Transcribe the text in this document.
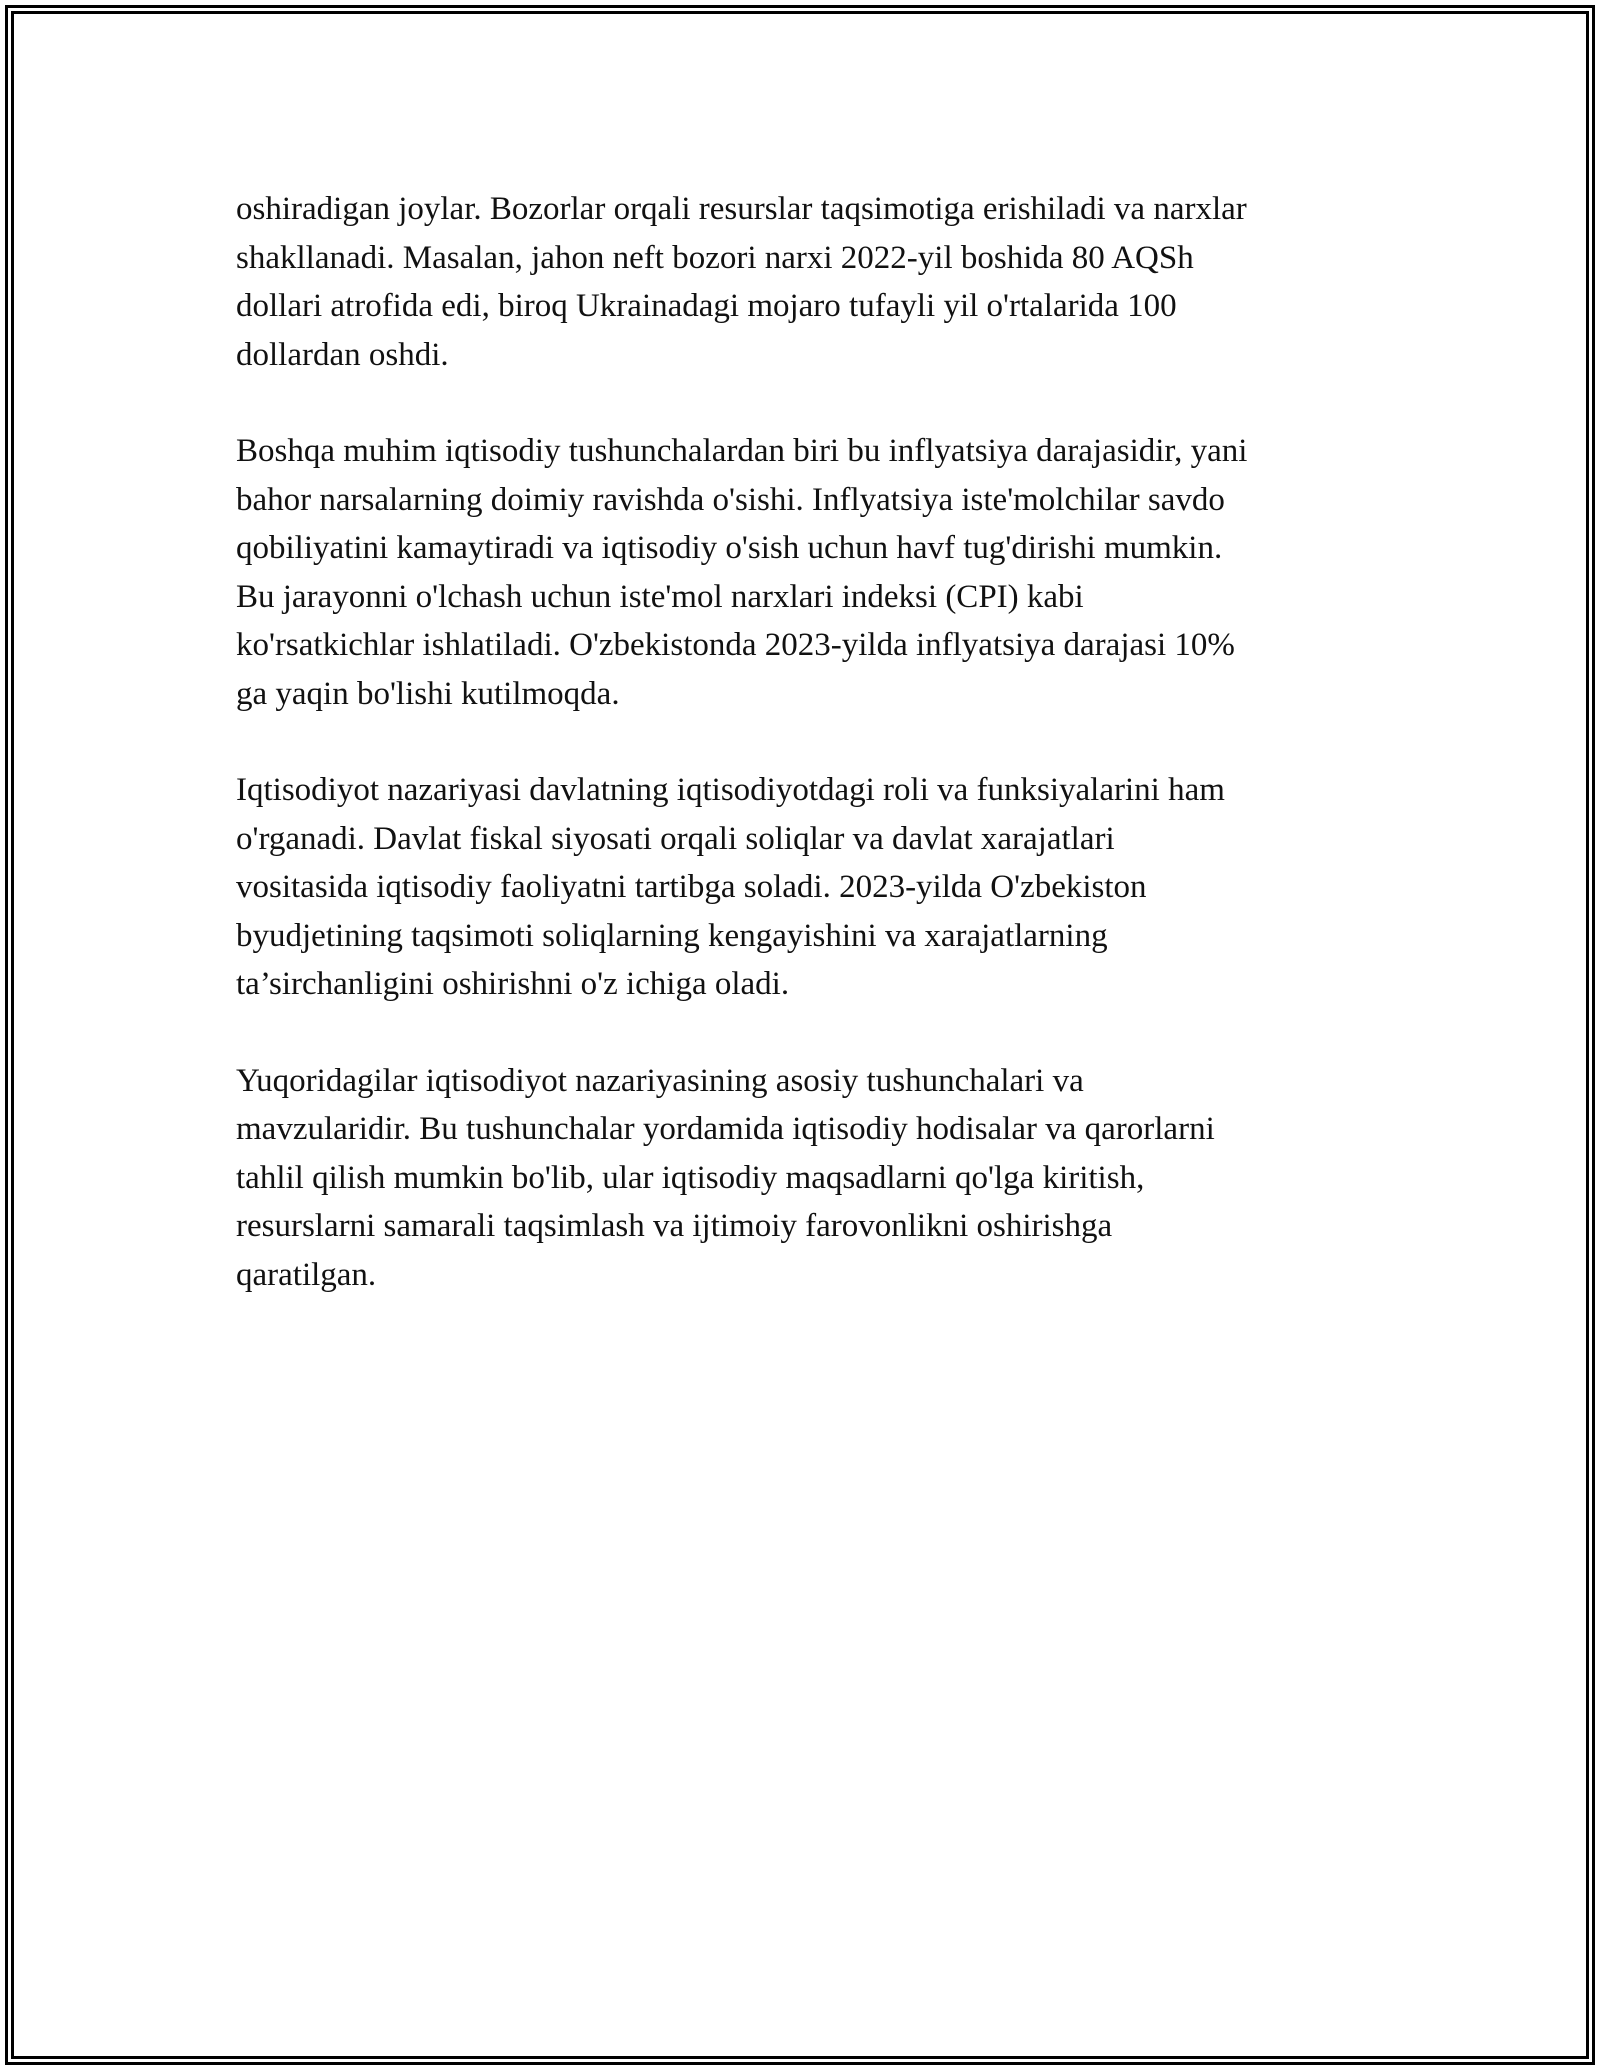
oshiradigan joylar. Bozorlar orqali resurslar taqsimotiga erishiladi va narxlar
shakllanadi. Masalan, jahon neft bozori narxi 2022-yil boshida 80 AQSh
dollari atrofida edi, biroq Ukrainadagi mojaro tufayli yil o'rtalarida 100
dollardan oshdi.

Boshqa muhim iqtisodiy tushunchalardan biri bu inflyatsiya darajasidir, yani
bahor narsalarning doimiy ravishda o'sishi. Inflyatsiya iste'molchilar savdo
qobiliyatini kamaytiradi va iqtisodiy o'sish uchun havf tug'dirishi mumkin.
Bu jarayonni o'lchash uchun iste'mol narxlari indeksi (CPI) kabi
ko'rsatkichlar ishlatiladi. O'zbekistonda 2023-yilda inflyatsiya darajasi 10%
ga yaqin bo'lishi kutilmoqda.

Iqtisodiyot nazariyasi davlatning iqtisodiyotdagi roli va funksiyalarini ham
o'rganadi. Davlat fiskal siyosati orqali soliqlar va davlat xarajatlari
vositasida iqtisodiy faoliyatni tartibga soladi. 2023-yilda O'zbekiston
byudjetining taqsimoti soliqlarning kengayishini va xarajatlarning
ta’sirchanligini oshirishni o'z ichiga oladi.

Yuqoridagilar iqtisodiyot nazariyasining asosiy tushunchalari va
mavzularidir. Bu tushunchalar yordamida iqtisodiy hodisalar va qarorlarni
tahlil qilish mumkin bo'lib, ular iqtisodiy maqsadlarni qo'lga kiritish,
resurslarni samarali taqsimlash va ijtimoiy farovonlikni oshirishga
qaratilgan.
